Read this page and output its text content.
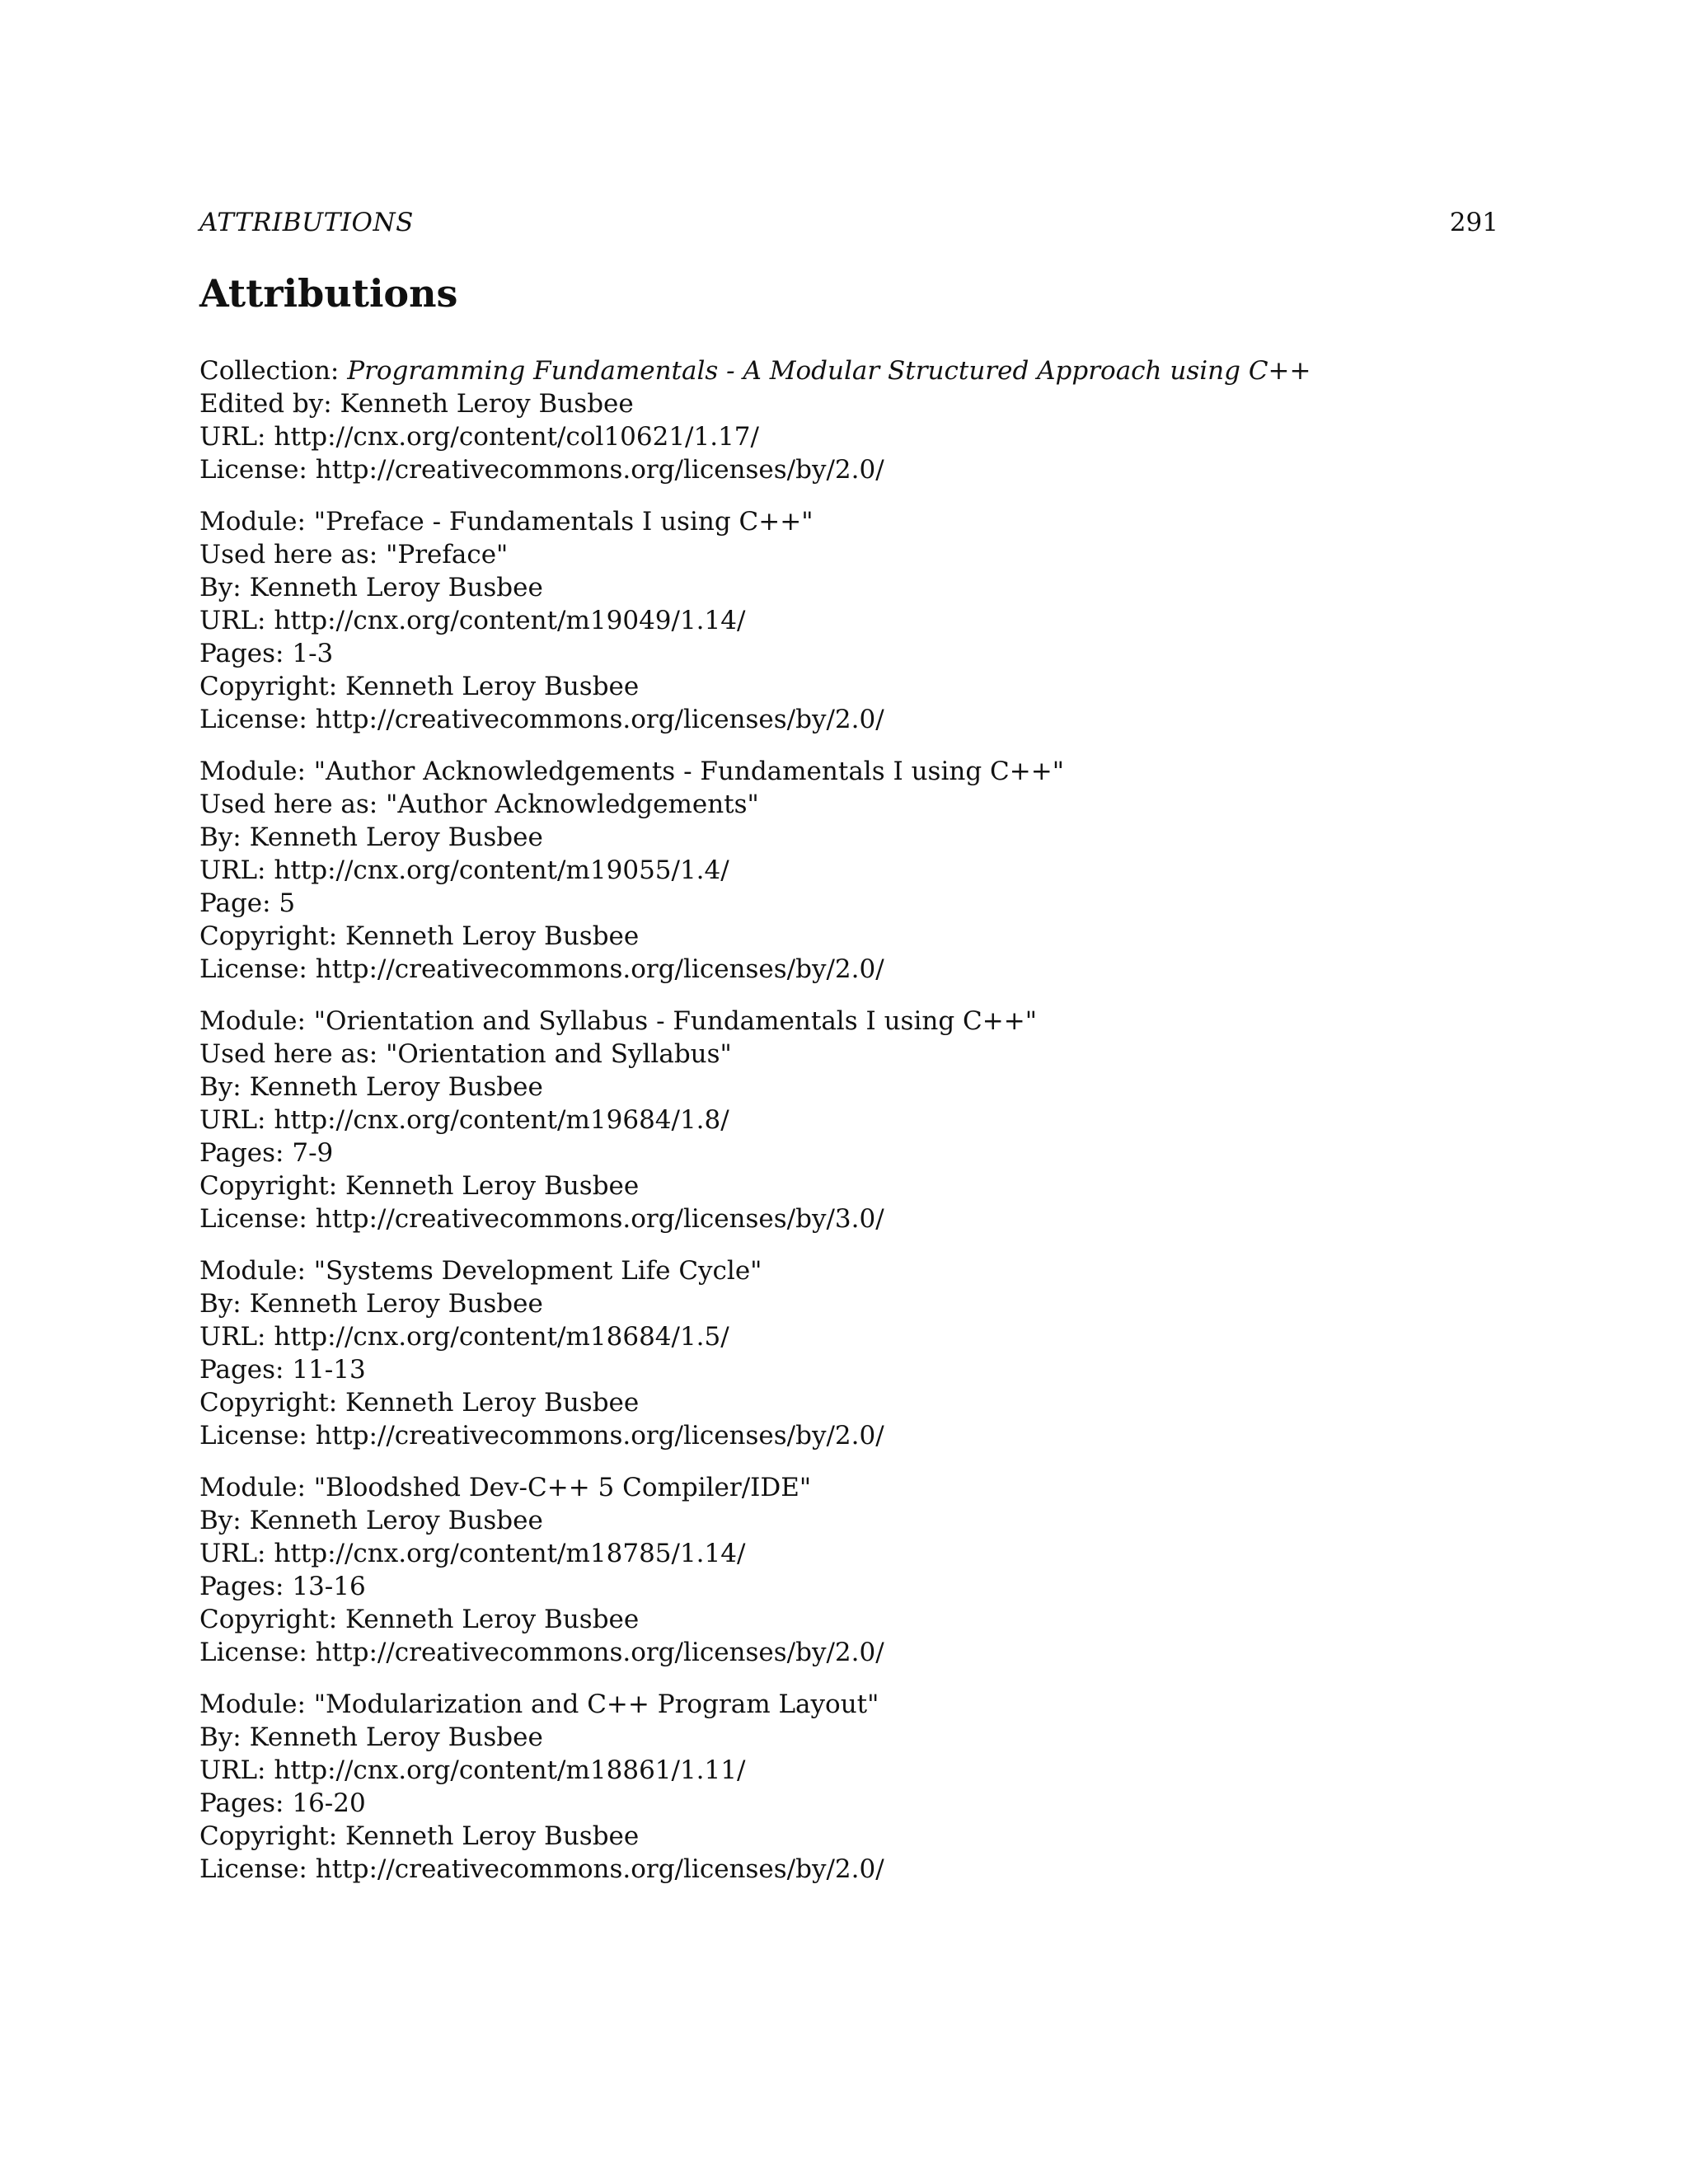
ATTRIBUTIONS	291
Attributions
Collection: Programming Fundamentals - A Modular Structured Approach using C++
Edited by: Kenneth Leroy Busbee
URL: http://cnx.org/content/col10621/1.17/
License: http://creativecommons.org/licenses/by/2.0/
Module: "Preface - Fundamentals I using C++"
Used here as: "Preface"
By: Kenneth Leroy Busbee
URL: http://cnx.org/content/m19049/1.14/
Pages: 1-3
Copyright: Kenneth Leroy Busbee
License: http://creativecommons.org/licenses/by/2.0/
Module: "Author Acknowledgements - Fundamentals I using C++"
Used here as: "Author Acknowledgements"
By: Kenneth Leroy Busbee
URL: http://cnx.org/content/m19055/1.4/
Page: 5
Copyright: Kenneth Leroy Busbee
License: http://creativecommons.org/licenses/by/2.0/
Module: "Orientation and Syllabus - Fundamentals I using C++"
Used here as: "Orientation and Syllabus"
By: Kenneth Leroy Busbee
URL: http://cnx.org/content/m19684/1.8/
Pages: 7-9
Copyright: Kenneth Leroy Busbee
License: http://creativecommons.org/licenses/by/3.0/
Module: "Systems Development Life Cycle"
By: Kenneth Leroy Busbee
URL: http://cnx.org/content/m18684/1.5/
Pages: 11-13
Copyright: Kenneth Leroy Busbee
License: http://creativecommons.org/licenses/by/2.0/
Module: "Bloodshed Dev-C++ 5 Compiler/IDE"
By: Kenneth Leroy Busbee
URL: http://cnx.org/content/m18785/1.14/
Pages: 13-16
Copyright: Kenneth Leroy Busbee
License: http://creativecommons.org/licenses/by/2.0/
Module: "Modularization and C++ Program Layout"
By: Kenneth Leroy Busbee
URL: http://cnx.org/content/m18861/1.11/
Pages: 16-20
Copyright: Kenneth Leroy Busbee
License: http://creativecommons.org/licenses/by/2.0/
